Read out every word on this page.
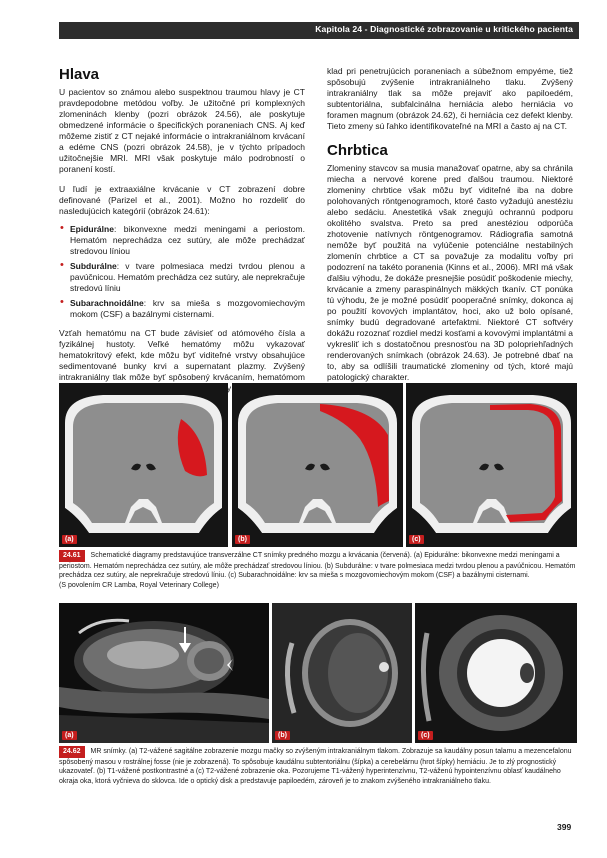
Kapitola 24 - Diagnostické zobrazovanie u kritického pacienta
Hlava

U pacientov so známou alebo suspektnou traumou hlavy je CT pravdepodobne metódou voľby. Je užitočné pri komplexných zlomeninách klenby (pozri obrázok 24.56), ale poskytuje obmedzené informácie o špecifických poraneniach CNS. Aj keď môžeme zistiť z CT nejaké informácie o intrakraniálnom krvácaní a edéme CNS (pozri obrázok 24.58), je v týchto prípadoch užitočnejšie MRI. MRI však poskytuje málo podrobností o poranení kostí.

U ľudí je extraaxiálne krvácanie v CT zobrazení dobre definované (Parizel et al., 2001). Možno ho rozdeliť do nasledujúcich kategórií (obrázok 24.61):

• Epidurálne: bikonvexne medzi meningami a periostom. Hematóm neprechádza cez sutúry, ale môže prechádzať stredovou líniou
• Subdurálne: v tvare polmesiaca medzi tvrdou plenou a pavúčnicou. Hematóm prechádza cez sutúry, ale neprekračuje stredovú líniu
• Subarachnoidálne: krv sa mieša s mozgovomiechovým mokom (CSF) a bazálnymi cisternami.

Vzťah hematómu na CT bude závisieť od atómového čísla a fyzikálnej hustoty. Veľké hematómy môžu vykazovať hematokritový efekt, kde môžu byť viditeľné vrstvy obsahujúce sedimentované bunky krvi a supernatant plazmy. Zvýšený intrakraniálny tlak môže byť spôsobený krvácaním, hematómom

klad pri penetrujúcich poraneniach a súbežnom empyéme, tiež spôsobujú zvýšenie intrakraniálneho tlaku. Zvýšený intrakraniálny tlak sa môže prejaviť ako papiloedém, subtentoriálna, subfalcinálna herniácia alebo herniácia vo foramen magnum (obrázok 24.62), či herniácia cez defekt klenby. Tieto zmeny sú ľahko identifikovateľné na MRI a často aj na CT.

Chrbtica

Zlomeniny stavcov sa musia manažovať opatrne, aby sa chránila miecha a nervové korene pred ďalšou traumou. Niektoré zlomeniny chrbtice však môžu byť viditeľné iba na dobre polohovaných röntgenogramoch, ktoré často vyžadujú anestéziu alebo sedáciu. Anestetiká však znegujú ochrannú podporu okolitého svalstva. Preto sa pred anestéziou odporúča zhotovenie natívnych röntgenogramov. Rádiografia samotná nemôže byť použitá na vylúčenie potenciálne nestabilných zlomenín chrbtice a CT sa považuje za modalitu voľby pri podozrení na takéto poranenia (Kinns et al., 2006). MRI má však ďalšiu výhodu, že dokáže presnejšie posúdiť poškodenie miechy, krvácanie a zmeny paraspinálnych mäkkých tkanív. CT ponúka tú výhodu, že je možné posúdiť pooperačné snímky, dokonca aj po použití kovových implantátov, hoci, ako už bolo opísané, snímky budú degradované artefaktmi. Niektoré CT softvéry dokážu rozoznať rozdiel medzi kosťami a kovovými implantátmi a vykresliť ich s dostatočnou presnosťou na 3D polopriehľadných renderovaných snímkach (obrázok 24.63). Je potrebné dbať na to, aby sa odlíšili traumatické zlomeniny od tých, ktoré majú patologický charakter.

(a)	(b)	(c)
24.61 Schematické diagramy predstavujúce transverzálne CT snímky predného mozgu a krvácania (červená). (a) Epidurálne: bikonvexne medzi meningami a periostom. Hematóm neprechádza cez sutúry, ale môže prechádzať stredovou líniou. (b) Subdurálne: v tvare polmesiaca medzi tvrdou plenou a pavúčnicou. Hematóm prechádza cez sutúry, ale neprekračuje stredovú líniu. (c) Subarachnoidálne: krv sa mieša s mozgovomiechovým mokom (CSF) a bazálnymi cisternami.
(S povolením CR Lamba, Royal Veterinary College)
(a)	(b)	(c)
24.62 MR snímky. (a) T2-vážené sagitálne zobrazenie mozgu mačky so zvýšeným intrakraniálnym tlakom. Zobrazuje sa kaudálny posun talamu a mezencefalonu spôsobený masou v rostrálnej fosse (nie je zobrazená). To spôsobuje kaudálnu subtentoriálnu (šípka) a cerebelárnu (hrot šípky) herniáciu. Je to zlý prognostický ukazovateľ. (b) T1-vážené postkontrastné a (c) T2-vážené zobrazenie oka. Pozorujeme T1-vážený hyperintenzívnu, T2-váženú hypointenzívnu oblasť kaudálneho okraja oka, ktorá vyčnieva do sklovca. Ide o optický disk a predstavuje papiloedém, zároveň je to znakom zvýšeného intrakraniálneho tlaku.
399
